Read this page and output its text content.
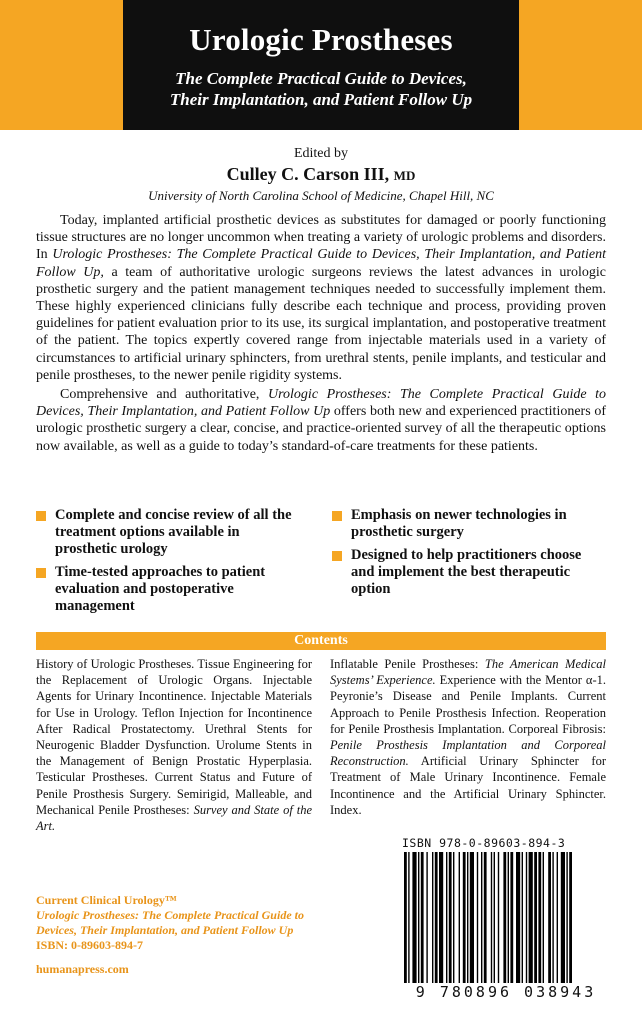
Urologic Prostheses
The Complete Practical Guide to Devices,
Their Implantation, and Patient Follow Up
Edited by
Culley C. Carson III, MD
University of North Carolina School of Medicine, Chapel Hill, NC

Today, implanted artificial prosthetic devices as substitutes for damaged or poorly functioning tissue structures are no longer uncommon when treating a variety of urologic problems and disorders. In Urologic Prostheses: The Complete Practical Guide to Devices, Their Implantation, and Patient Follow Up, a team of authoritative urologic surgeons reviews the latest advances in urologic prosthetic surgery and the patient management techniques needed to successfully implement them. These highly experienced clinicians fully describe each technique and process, providing proven guidelines for patient evaluation prior to its use, its surgical implantation, and postoperative treatment of the patient. The topics expertly covered range from injectable materials used in a variety of circumstances to artificial urinary sphincters, from urethral stents, penile implants, and testicular and penile prostheses, to the newer penile rigidity systems.

Comprehensive and authoritative, Urologic Prostheses: The Complete Practical Guide to Devices, Their Implantation, and Patient Follow Up offers both new and experienced practitioners of urologic prosthetic surgery a clear, concise, and practice-oriented survey of all the therapeutic options now available, as well as a guide to today’s standard-of-care treatments for these patients.

Complete and concise review of all the treatment options available in prosthetic urology
Time-tested approaches to patient evaluation and postoperative management
Emphasis on newer technologies in prosthetic surgery
Designed to help practitioners choose and implement the best therapeutic option
Contents
History of Urologic Prostheses. Tissue Engineering for the Replacement of Urologic Organs. Injectable Agents for Urinary Incontinence. Injectable Materials for Use in Urology. Teflon Injection for Incontinence After Radical Prostatectomy. Urethral Stents for Neurogenic Bladder Dysfunction. Urolume Stents in the Management of Benign Prostatic Hyperplasia. Testicular Prostheses. Current Status and Future of Penile Prosthesis Surgery. Semirigid, Malleable, and Mechanical Penile Prostheses: Survey and State of the Art.
Inflatable Penile Prostheses: The American Medical Systems’ Experience. Experience with the Mentor α-1. Peyronie’s Disease and Penile Implants. Current Approach to Penile Prosthesis Infection. Reoperation for Penile Prosthesis Implantation. Corporeal Fibrosis: Penile Prosthesis Implantation and Corporeal Reconstruction. Artificial Urinary Sphincter for Treatment of Male Urinary Incontinence. Female Incontinence and the Artificial Urinary Sphincter. Index.
Current Clinical Urology™
Urologic Prostheses: The Complete Practical Guide to
Devices, Their Implantation, and Patient Follow Up
ISBN: 0-89603-894-7
humanapress.com
ISBN 978-0-89603-894-3
9 780896 038943
